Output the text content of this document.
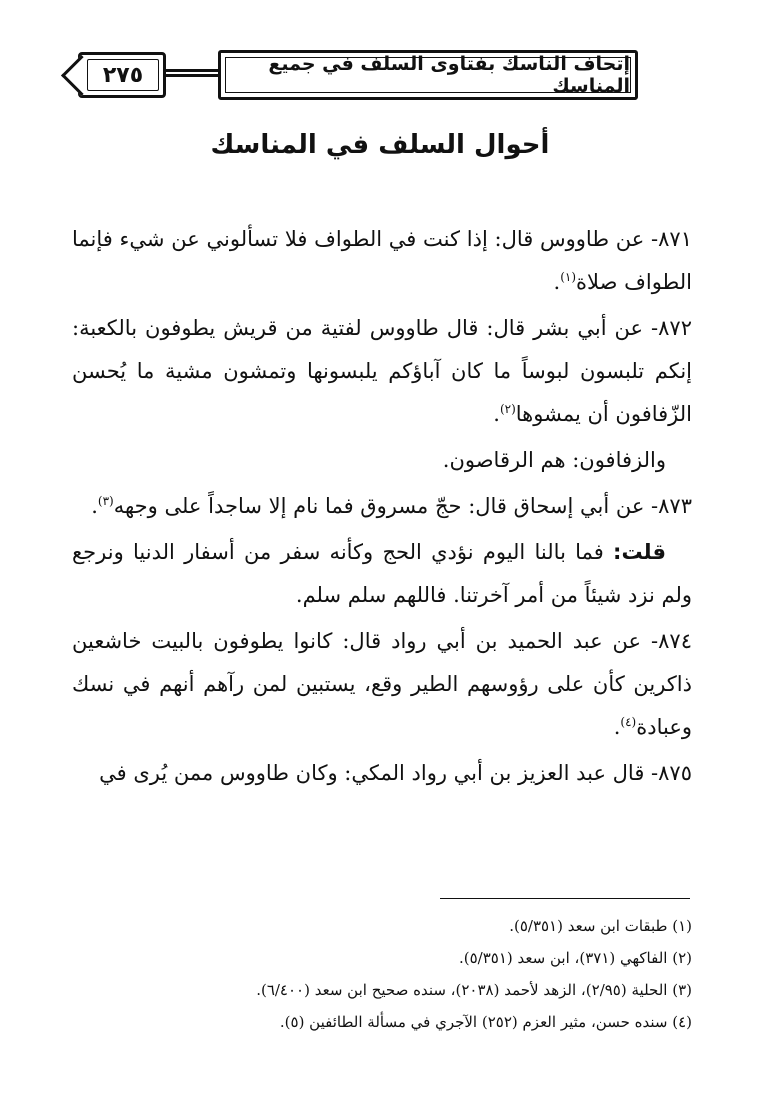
٢٧٥	إتحاف الناسك بفتاوى السلف في جميع المناسك
أحوال السلف في المناسك

٨٧١- عن طاووس قال: إذا كنت في الطواف فلا تسألوني عن شيء فإنما الطواف صلاة$^{(١)}$.

٨٧٢- عن أبي بشر قال: قال طاووس لفتية من قريش يطوفون بالكعبة: إنكم تلبسون لبوساً ما كان آباؤكم يلبسونها وتمشون مشية ما يُحسن الزّفافون أن يمشوها$^{(٢)}$.

والزفافون: هم الرقاصون.

٨٧٣- عن أبي إسحاق قال: حجّ مسروق فما نام إلا ساجداً على وجهه$^{(٣)}$.

قلت: فما بالنا اليوم نؤدي الحج وكأنه سفر من أسفار الدنيا ونرجع ولم نزد شيئاً من أمر آخرتنا. فاللهم سلم سلم.

٨٧٤- عن عبد الحميد بن أبي رواد قال: كانوا يطوفون بالبيت خاشعين ذاكرين كأن على رؤوسهم الطير وقع، يستبين لمن رآهم أنهم في نسك وعبادة$^{(٤)}$.

٨٧٥- قال عبد العزيز بن أبي رواد المكي: وكان طاووس ممن يُرى في

(١) طبقات ابن سعد (٥/٣٥١).
(٢) الفاكهي (٣٧١)، ابن سعد (٥/٣٥١).
(٣) الحلية (٢/٩٥)، الزهد لأحمد (٢٠٣٨)، سنده صحيح ابن سعد (٦/٤٠٠).
(٤) سنده حسن، مثير العزم (٢٥٢) الآجري في مسألة الطائفين (٥).
